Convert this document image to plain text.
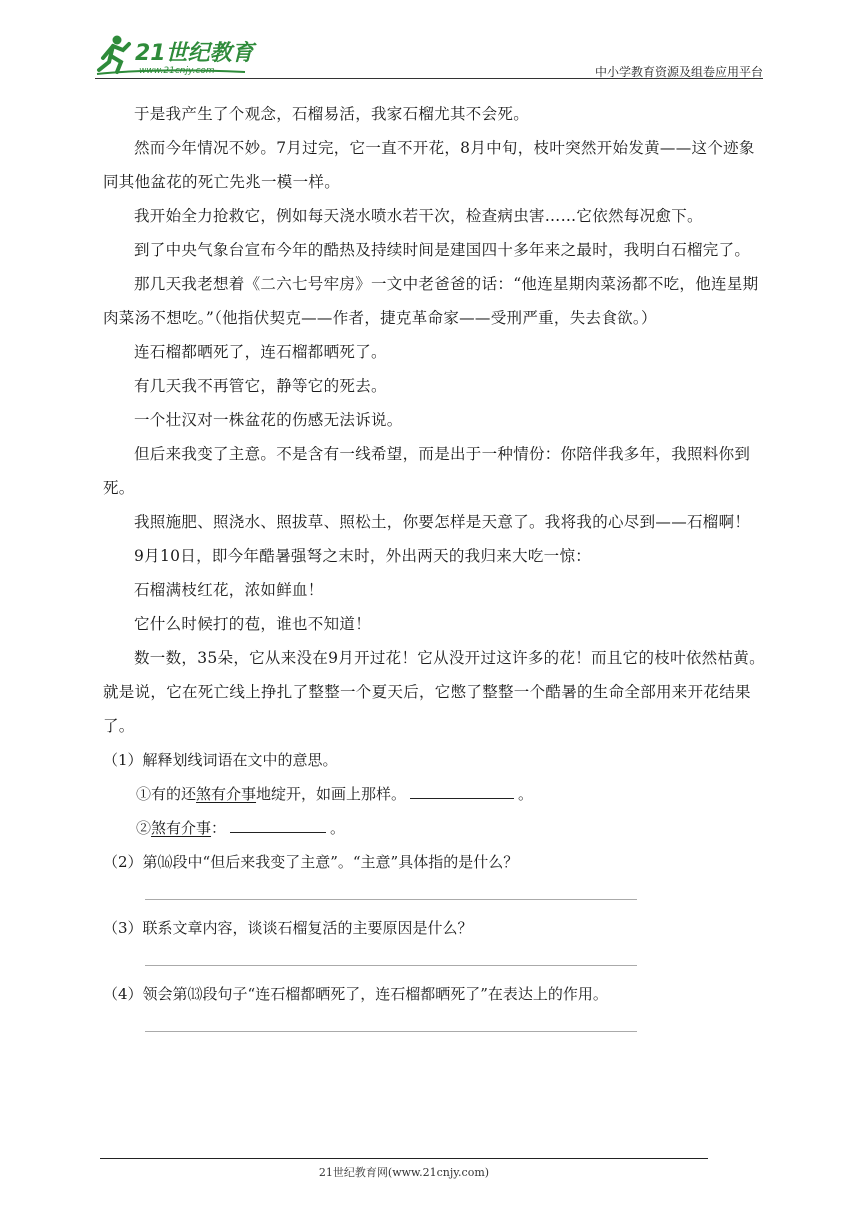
21世纪教育
www.21cnjy.com	中小学教育资源及组卷应用平台

于是我产生了个观念，石榴易活，我家石榴尤其不会死。

然而今年情况不妙。7月过完，它一直不开花，8月中旬，枝叶突然开始发黄——这个迹象同其他盆花的死亡先兆一模一样。

我开始全力抢救它，例如每天浇水喷水若干次，检查病虫害……它依然每况愈下。

到了中央气象台宣布今年的酷热及持续时间是建国四十多年来之最时，我明白石榴完了。

那几天我老想着《二六七号牢房》一文中老爸爸的话：“他连星期肉菜汤都不吃，他连星期肉菜汤不想吃。”（他指伏契克——作者，捷克革命家——受刑严重，失去食欲。）

连石榴都晒死了，连石榴都晒死了。

有几天我不再管它，静等它的死去。

一个壮汉对一株盆花的伤感无法诉说。

但后来我变了主意。不是含有一线希望，而是出于一种情份：你陪伴我多年，我照料你到死。

我照施肥、照浇水、照拔草、照松土，你要怎样是天意了。我将我的心尽到——石榴啊！

9月10日，即今年酷暑强弩之末时，外出两天的我归来大吃一惊：

石榴满枝红花，浓如鲜血！

它什么时候打的苞，谁也不知道！

数一数，35朵，它从来没在9月开过花！它从没开过这许多的花！而且它的枝叶依然枯黄。就是说，它在死亡线上挣扎了整整一个夏天后，它憋了整整一个酷暑的生命全部用来开花结果了。

（1）解释划线词语在文中的意思。

①有的还煞有介事地绽开，如画上那样。	。

②煞有介事：	。

（2）第⒃段中“但后来我变了主意”。“主意”具体指的是什么？

（3）联系文章内容，谈谈石榴复活的主要原因是什么？

（4）领会第⒀段句子“连石榴都晒死了，连石榴都晒死了”在表达上的作用。

21世纪教育网(www.21cnjy.com)
